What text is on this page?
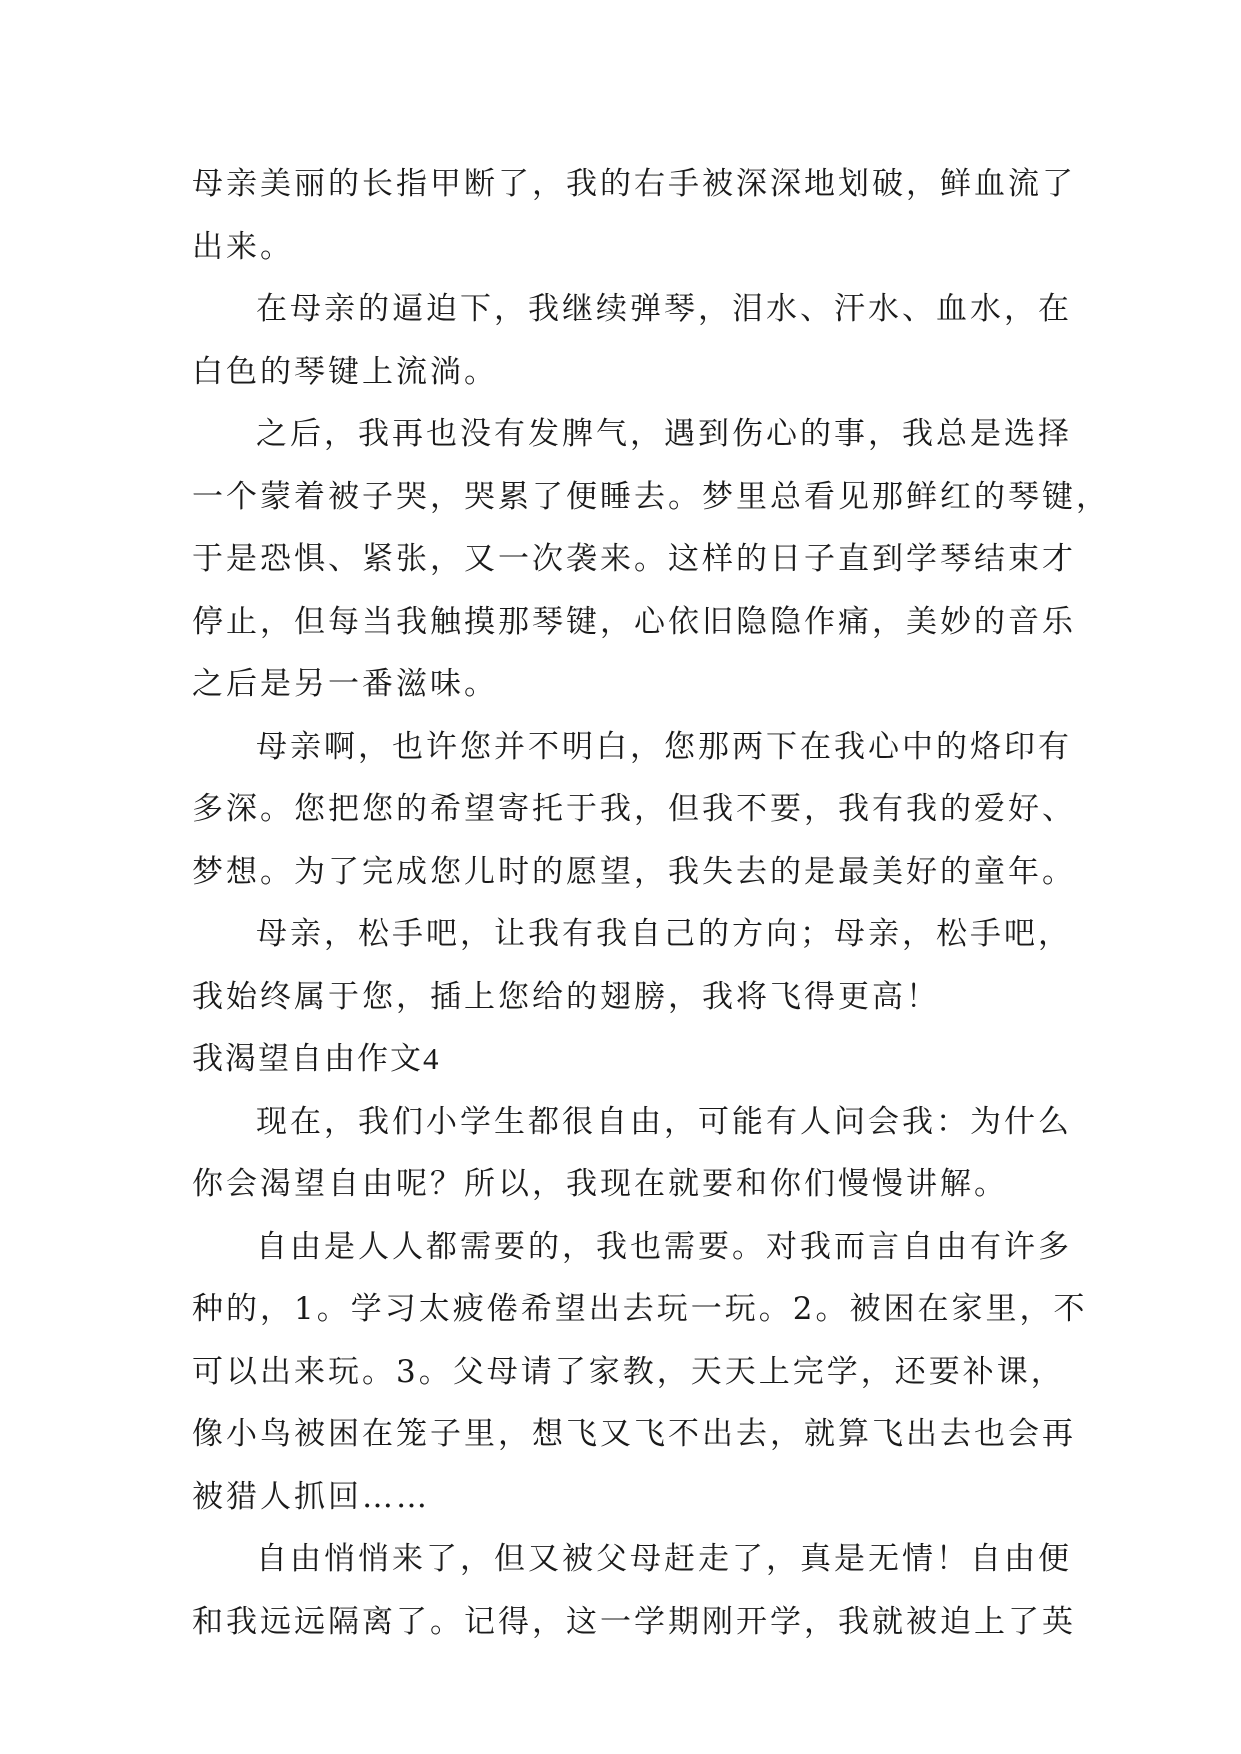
母亲美丽的长指甲断了，我的右手被深深地划破，鲜血流了
出来。
在母亲的逼迫下，我继续弹琴，泪水、汗水、血水，在
白色的琴键上流淌。
之后，我再也没有发脾气，遇到伤心的事，我总是选择
一个蒙着被子哭，哭累了便睡去。梦里总看见那鲜红的琴键，
于是恐惧、紧张，又一次袭来。这样的日子直到学琴结束才
停止，但每当我触摸那琴键，心依旧隐隐作痛，美妙的音乐
之后是另一番滋味。
母亲啊，也许您并不明白，您那两下在我心中的烙印有
多深。您把您的希望寄托于我，但我不要，我有我的爱好、
梦想。为了完成您儿时的愿望，我失去的是最美好的童年。
母亲，松手吧，让我有我自己的方向；母亲，松手吧，
我始终属于您，插上您给的翅膀，我将飞得更高！
我渴望自由作文4
现在，我们小学生都很自由，可能有人问会我：为什么
你会渴望自由呢？所以，我现在就要和你们慢慢讲解。
自由是人人都需要的，我也需要。对我而言自由有许多
种的，1。学习太疲倦希望出去玩一玩。2。被困在家里，不
可以出来玩。3。父母请了家教，天天上完学，还要补课，
像小鸟被困在笼子里，想飞又飞不出去，就算飞出去也会再
被猎人抓回……
自由悄悄来了，但又被父母赶走了，真是无情！自由便
和我远远隔离了。记得，这一学期刚开学，我就被迫上了英
